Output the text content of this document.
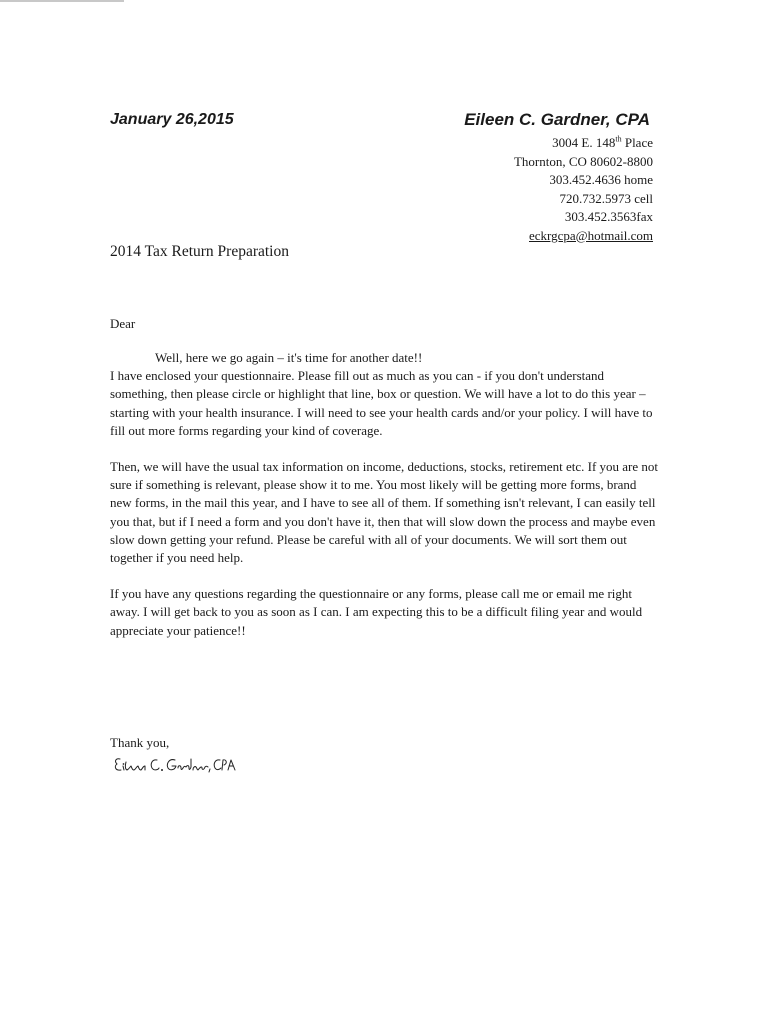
January 26,2015	Eileen C. Gardner, CPA
3004 E. 148th Place
Thornton, CO 80602-8800
303.452.4636 home
720.732.5973 cell
303.452.3563fax
eckrgcpa@hotmail.com
2014 Tax Return Preparation
Dear

Well, here we go again – it's time for another date!!
I have enclosed your questionnaire. Please fill out as much as you can - if you don't understand something, then please circle or highlight that line, box or question. We will have a lot to do this year – starting with your health insurance. I will need to see your health cards and/or your policy. I will have to fill out more forms regarding your kind of coverage.

Then, we will have the usual tax information on income, deductions, stocks, retirement etc. If you are not sure if something is relevant, please show it to me. You most likely will be getting more forms, brand new forms, in the mail this year, and I have to see all of them. If something isn't relevant, I can easily tell you that, but if I need a form and you don't have it, then that will slow down the process and maybe even slow down getting your refund. Please be careful with all of your documents. We will sort them out together if you need help.

If you have any questions regarding the questionnaire or any forms, please call me or email me right away. I will get back to you as soon as I can. I am expecting this to be a difficult filing year and would appreciate your patience!!

Thank you,
